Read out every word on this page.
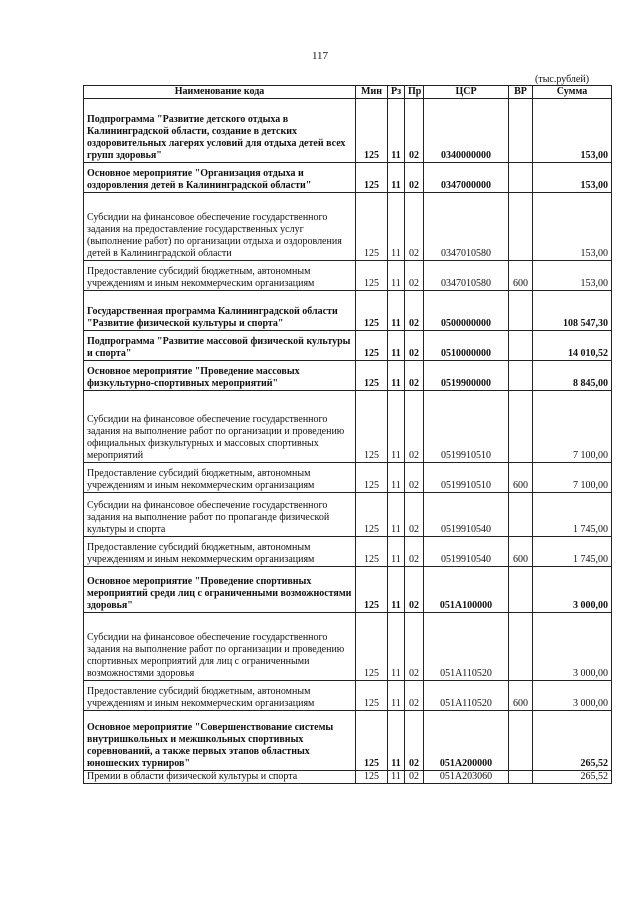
117
(тыс.рублей)
Наименование кода	Мин	Рз	Пр	ЦСР	ВР	Сумма
Подпрограмма "Развитие детского отдыха в Калининградской области, создание в детских оздоровительных лагерях условий для отдыха детей всех групп здоровья"	125	11	02	0340000000		153,00
Основное мероприятие "Организация отдыха и оздоровления детей в Калининградской области"	125	11	02	0347000000		153,00
Субсидии на финансовое обеспечение государственного задания на предоставление государственных услуг (выполнение работ) по организации отдыха и оздоровления детей в Калининградской области	125	11	02	0347010580		153,00
Предоставление субсидий бюджетным, автономным учреждениям и иным некоммерческим организациям	125	11	02	0347010580	600	153,00
Государственная программа Калининградской области "Развитие физической культуры и спорта"	125	11	02	0500000000		108 547,30
Подпрограмма "Развитие массовой физической культуры и спорта"	125	11	02	0510000000		14 010,52
Основное мероприятие "Проведение массовых физкультурно-спортивных мероприятий"	125	11	02	0519900000		8 845,00
Субсидии на финансовое обеспечение государственного задания на выполнение работ по организации и проведению официальных физкультурных и массовых спортивных мероприятий	125	11	02	0519910510		7 100,00
Предоставление субсидий бюджетным, автономным учреждениям и иным некоммерческим организациям	125	11	02	0519910510	600	7 100,00
Субсидии на финансовое обеспечение государственного задания на выполнение работ по пропаганде физической культуры и спорта	125	11	02	0519910540		1 745,00
Предоставление субсидий бюджетным, автономным учреждениям и иным некоммерческим организациям	125	11	02	0519910540	600	1 745,00
Основное мероприятие "Проведение спортивных мероприятий среди лиц с ограниченными возможностями здоровья"	125	11	02	051А100000		3 000,00
Субсидии на финансовое обеспечение государственного задания на выполнение работ по организации и проведению спортивных мероприятий для лиц с ограниченными возможностями здоровья	125	11	02	051А110520		3 000,00
Предоставление субсидий бюджетным, автономным учреждениям и иным некоммерческим организациям	125	11	02	051А110520	600	3 000,00
Основное мероприятие "Совершенствование системы внутришкольных и межшкольных спортивных соревнований, а также первых этапов областных юношеских турниров"	125	11	02	051А200000		265,52
Премии в области физической культуры и спорта	125	11	02	051А203060		265,52
